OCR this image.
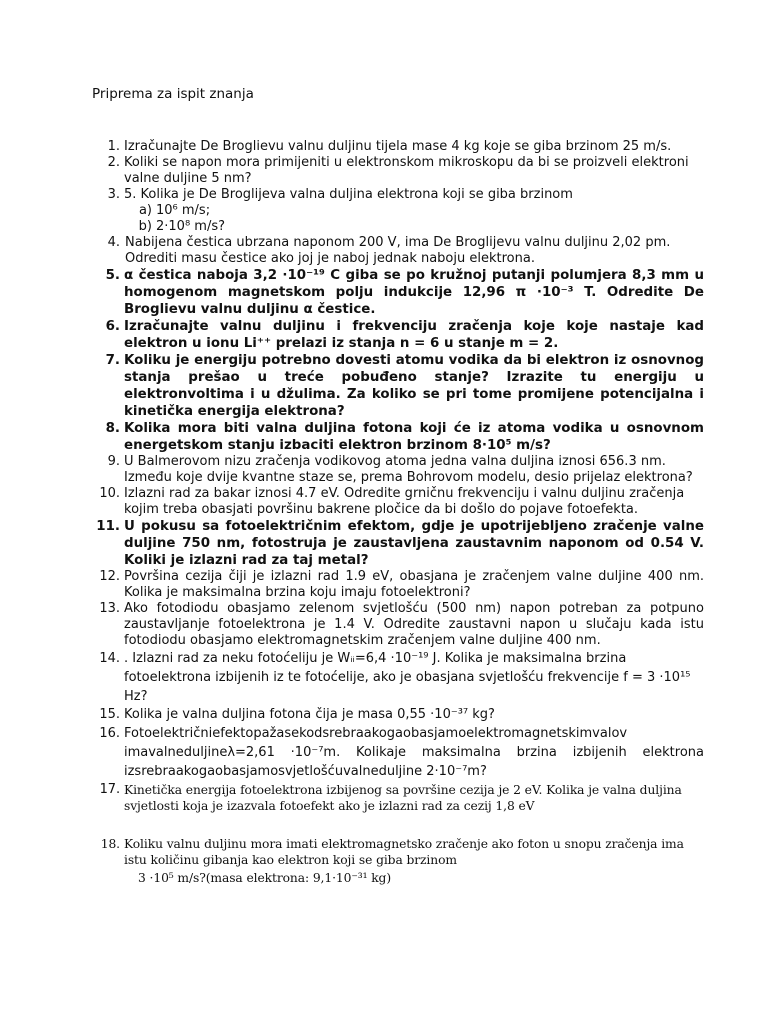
Priprema za ispit znanja
1. Izračunajte De Broglievu valnu duljinu tijela mase 4 kg koje se giba brzinom 25 m/s.
2. Koliki se napon mora primijeniti u elektronskom mikroskopu da bi se proizveli elektroni valne duljine 5 nm?
3. 5. Kolika je De Broglijeva valna duljina elektrona koji se giba brzinom
a) 10⁶ m/s;
b) 2·10⁸ m/s?
4. Nabijena čestica ubrzana naponom 200 V, ima De Broglijevu valnu duljinu 2,02 pm. Odrediti masu čestice ako joj je naboj jednak naboju elektrona.
5. α čestica naboja 3,2 ·10⁻¹⁹ C giba se po kružnoj putanji polumjera 8,3 mm u homogenom magnetskom polju indukcije 12,96 π ·10⁻³ T. Odredite De Broglievu valnu duljinu α čestice.
6. Izračunajte valnu duljinu i frekvenciju zračenja koje koje nastaje kad elektron u ionu Li⁺⁺ prelazi iz stanja n = 6 u stanje m = 2.
7. Koliku je energiju potrebno dovesti atomu vodika da bi elektron iz osnovnog stanja prešao u treće pobuđeno stanje? Izrazite tu energiju u elektronvoltima i u džulima. Za koliko se pri tome promijene potencijalna i kinetička energija elektrona?
8. Kolika mora biti valna duljina fotona koji će iz atoma vodika u osnovnom energetskom stanju izbaciti elektron brzinom 8·10⁵ m/s?
9. U Balmerovom nizu zračenja vodikovog atoma jedna valna duljina iznosi 656.3 nm. Između koje dvije kvantne staze se, prema Bohrovom modelu, desio prijelaz elektrona?
10. Izlazni rad za bakar iznosi 4.7 eV. Odredite grničnu frekvenciju i valnu duljinu zračenja kojim treba obasjati površinu bakrene pločice da bi došlo do pojave fotoefekta.
11. U pokusu sa fotoelektričnim efektom, gdje je upotrijebljeno zračenje valne duljine 750 nm, fotostruja je zaustavljena zaustavnim naponom od 0.54 V. Koliki je izlazni rad za taj metal?
12. Površina cezija čiji je izlazni rad 1.9 eV, obasjana je zračenjem valne duljine 400 nm. Kolika je maksimalna brzina koju imaju fotoelektroni?
13. Ako fotodiodu obasjamo zelenom svjetlošću (500 nm) napon potreban za potpuno zaustavljanje fotoelektrona je 1.4 V. Odredite zaustavni napon u slučaju kada istu fotodiodu obasjamo elektromagnetskim zračenjem valne duljine 400 nm.
14. . Izlazni rad za neku fotoćeliju je Wᵢᵢ=6,4 ·10⁻¹⁹ J. Kolika je maksimalna brzina fotoelektrona izbijenih iz te fotoćelije, ako je obasjana svjetlošću frekvencije f = 3 ·10¹⁵ Hz?
15. Kolika je valna duljina fotona čija je masa 0,55 ·10⁻³⁷ kg?
16. Fotoelektričniefektopažasekodsrebraakogaobasjamoelektromagnetskimvalov imavalneduljineλ=2,61 ·10⁻⁷m. Kolikaje maksimalna brzina izbijenih elektrona izsrebraakogaobasjamosvjetlošćuvalneduljine 2·10⁻⁷m?
17. Kinetička energija fotoelektrona izbijenog sa površine cezija je 2 eV. Kolika je valna duljina svjetlosti koja je izazvala fotoefekt ako je izlazni rad za cezij 1,8 eV
18. Koliku valnu duljinu mora imati elektromagnetsko zračenje ako foton u snopu zračenja ima istu količinu gibanja kao elektron koji se giba brzinom
3 ·10⁵ m/s?(masa elektrona: 9,1·10⁻³¹ kg)
